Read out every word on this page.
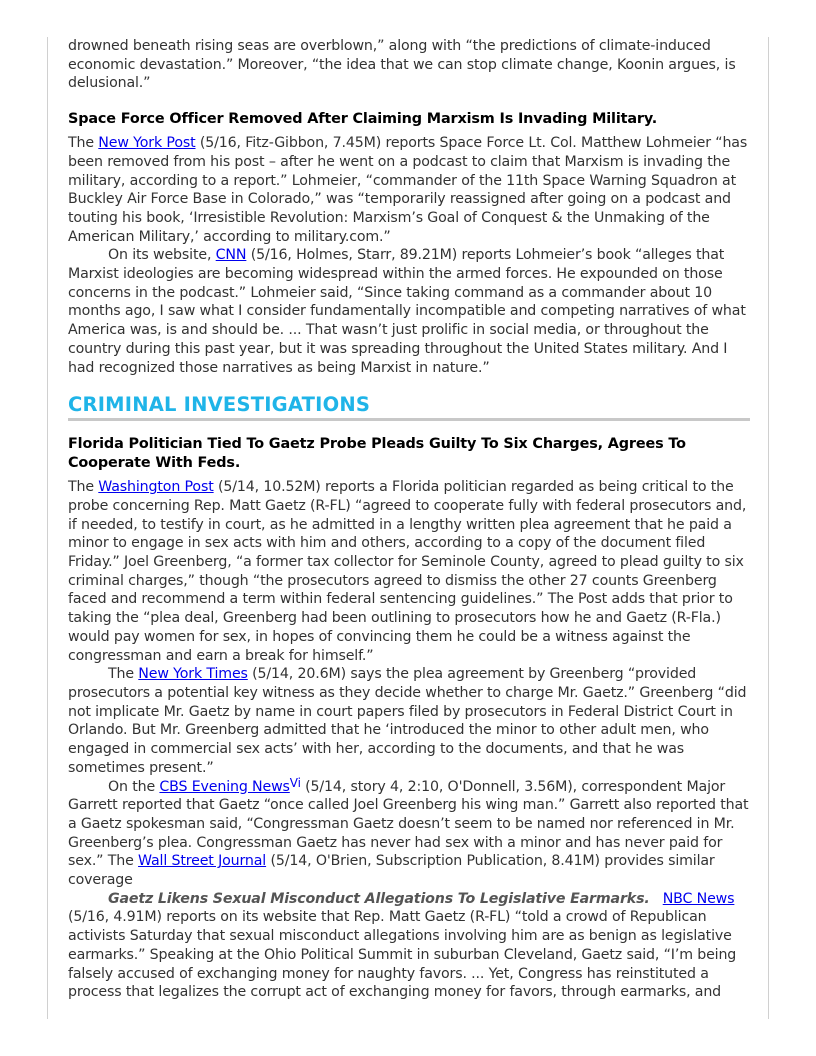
drowned beneath rising seas are overblown,” along with “the predictions of climate-induced economic devastation.” Moreover, “the idea that we can stop climate change, Koonin argues, is delusional.”

Space Force Officer Removed After Claiming Marxism Is Invading Military.

The New York Post (5/16, Fitz-Gibbon, 7.45M) reports Space Force Lt. Col. Matthew Lohmeier “has been removed from his post – after he went on a podcast to claim that Marxism is invading the military, according to a report.” Lohmeier, “commander of the 11th Space Warning Squadron at Buckley Air Force Base in Colorado,” was “temporarily reassigned after going on a podcast and touting his book, ‘Irresistible Revolution: Marxism’s Goal of Conquest & the Unmaking of the American Military,’ according to military.com.”

On its website, CNN (5/16, Holmes, Starr, 89.21M) reports Lohmeier’s book “alleges that Marxist ideologies are becoming widespread within the armed forces. He expounded on those concerns in the podcast.” Lohmeier said, “Since taking command as a commander about 10 months ago, I saw what I consider fundamentally incompatible and competing narratives of what America was, is and should be. ... That wasn’t just prolific in social media, or throughout the country during this past year, but it was spreading throughout the United States military. And I had recognized those narratives as being Marxist in nature.”

CRIMINAL INVESTIGATIONS
Florida Politician Tied To Gaetz Probe Pleads Guilty To Six Charges, Agrees To Cooperate With Feds.

The Washington Post (5/14, 10.52M) reports a Florida politician regarded as being critical to the probe concerning Rep. Matt Gaetz (R-FL) “agreed to cooperate fully with federal prosecutors and, if needed, to testify in court, as he admitted in a lengthy written plea agreement that he paid a minor to engage in sex acts with him and others, according to a copy of the document filed Friday.” Joel Greenberg, “a former tax collector for Seminole County, agreed to plead guilty to six criminal charges,” though “the prosecutors agreed to dismiss the other 27 counts Greenberg faced and recommend a term within federal sentencing guidelines.” The Post adds that prior to taking the “plea deal, Greenberg had been outlining to prosecutors how he and Gaetz (R-Fla.) would pay women for sex, in hopes of convincing them he could be a witness against the congressman and earn a break for himself.”

The New York Times (5/14, 20.6M) says the plea agreement by Greenberg “provided prosecutors a potential key witness as they decide whether to charge Mr. Gaetz.” Greenberg “did not implicate Mr. Gaetz by name in court papers filed by prosecutors in Federal District Court in Orlando. But Mr. Greenberg admitted that he ‘introduced the minor to other adult men, who engaged in commercial sex acts’ with her, according to the documents, and that he was sometimes present.”

On the CBS Evening News$^{Vi}$ (5/14, story 4, 2:10, O'Donnell, 3.56M), correspondent Major Garrett reported that Gaetz “once called Joel Greenberg his wing man.” Garrett also reported that a Gaetz spokesman said, “Congressman Gaetz doesn’t seem to be named nor referenced in Mr. Greenberg’s plea. Congressman Gaetz has never had sex with a minor and has never paid for sex.” The Wall Street Journal (5/14, O'Brien, Subscription Publication, 8.41M) provides similar coverage

Gaetz Likens Sexual Misconduct Allegations To Legislative Earmarks. NBC News (5/16, 4.91M) reports on its website that Rep. Matt Gaetz (R-FL) “told a crowd of Republican activists Saturday that sexual misconduct allegations involving him are as benign as legislative earmarks.” Speaking at the Ohio Political Summit in suburban Cleveland, Gaetz said, “I’m being falsely accused of exchanging money for naughty favors. ... Yet, Congress has reinstituted a process that legalizes the corrupt act of exchanging money for favors, through earmarks, and
